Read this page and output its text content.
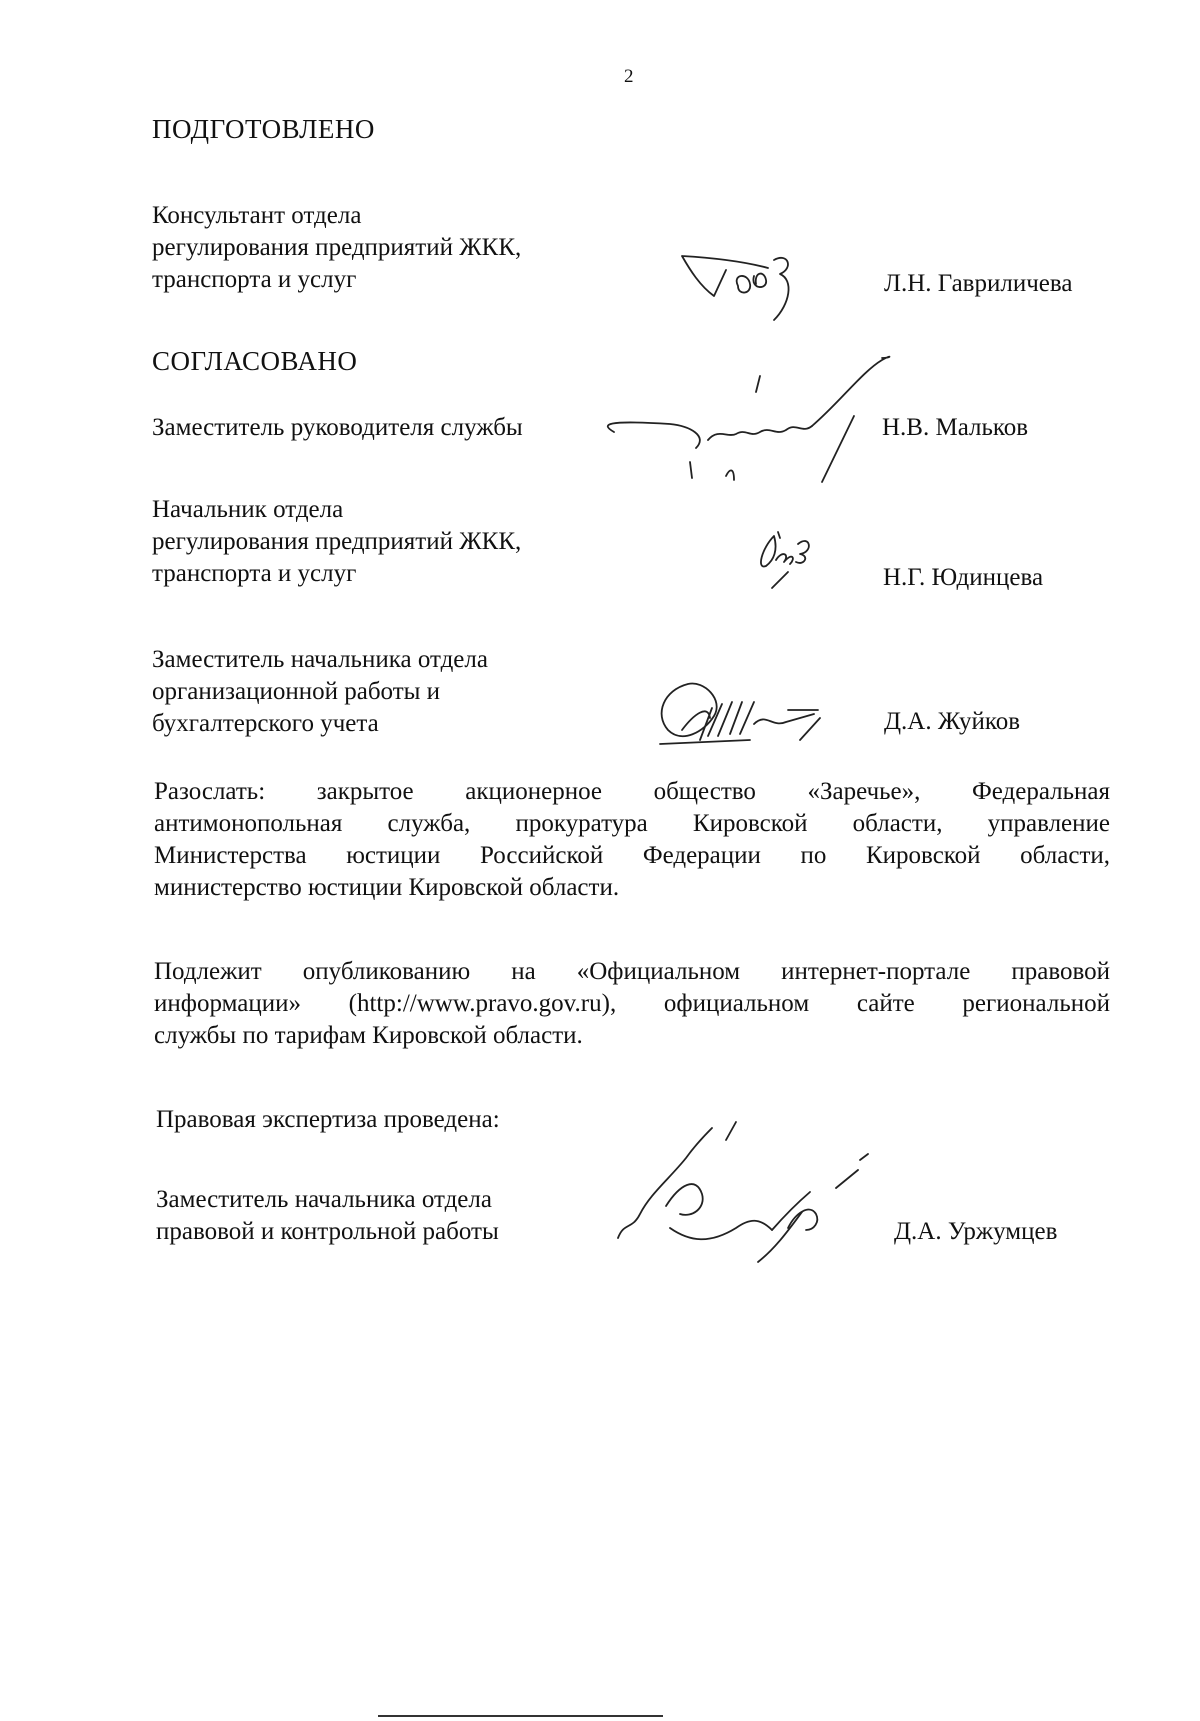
2
ПОДГОТОВЛЕНО
Консультант отдела
регулирования предприятий ЖКК,
транспорта и услуг	Л.Н. Гавриличева
СОГЛАСОВАНО
Заместитель руководителя службы	Н.В. Мальков
Начальник отдела
регулирования предприятий ЖКК,
транспорта и услуг	Н.Г. Юдинцева
Заместитель начальника отдела
организационной работы и
бухгалтерского учета	Д.А. Жуйков
Разослать: закрытое акционерное общество «Заречье», Федеральная
антимонопольная служба, прокуратура Кировской области, управление
Министерства юстиции Российской Федерации по Кировской области,
министерство юстиции Кировской области.
Подлежит опубликованию на «Официальном интернет-портале правовой
информации» (http://www.pravo.gov.ru), официальном сайте региональной
службы по тарифам Кировской области.
Правовая экспертиза проведена:
Заместитель начальника отдела
правовой и контрольной работы	Д.А. Уржумцев
